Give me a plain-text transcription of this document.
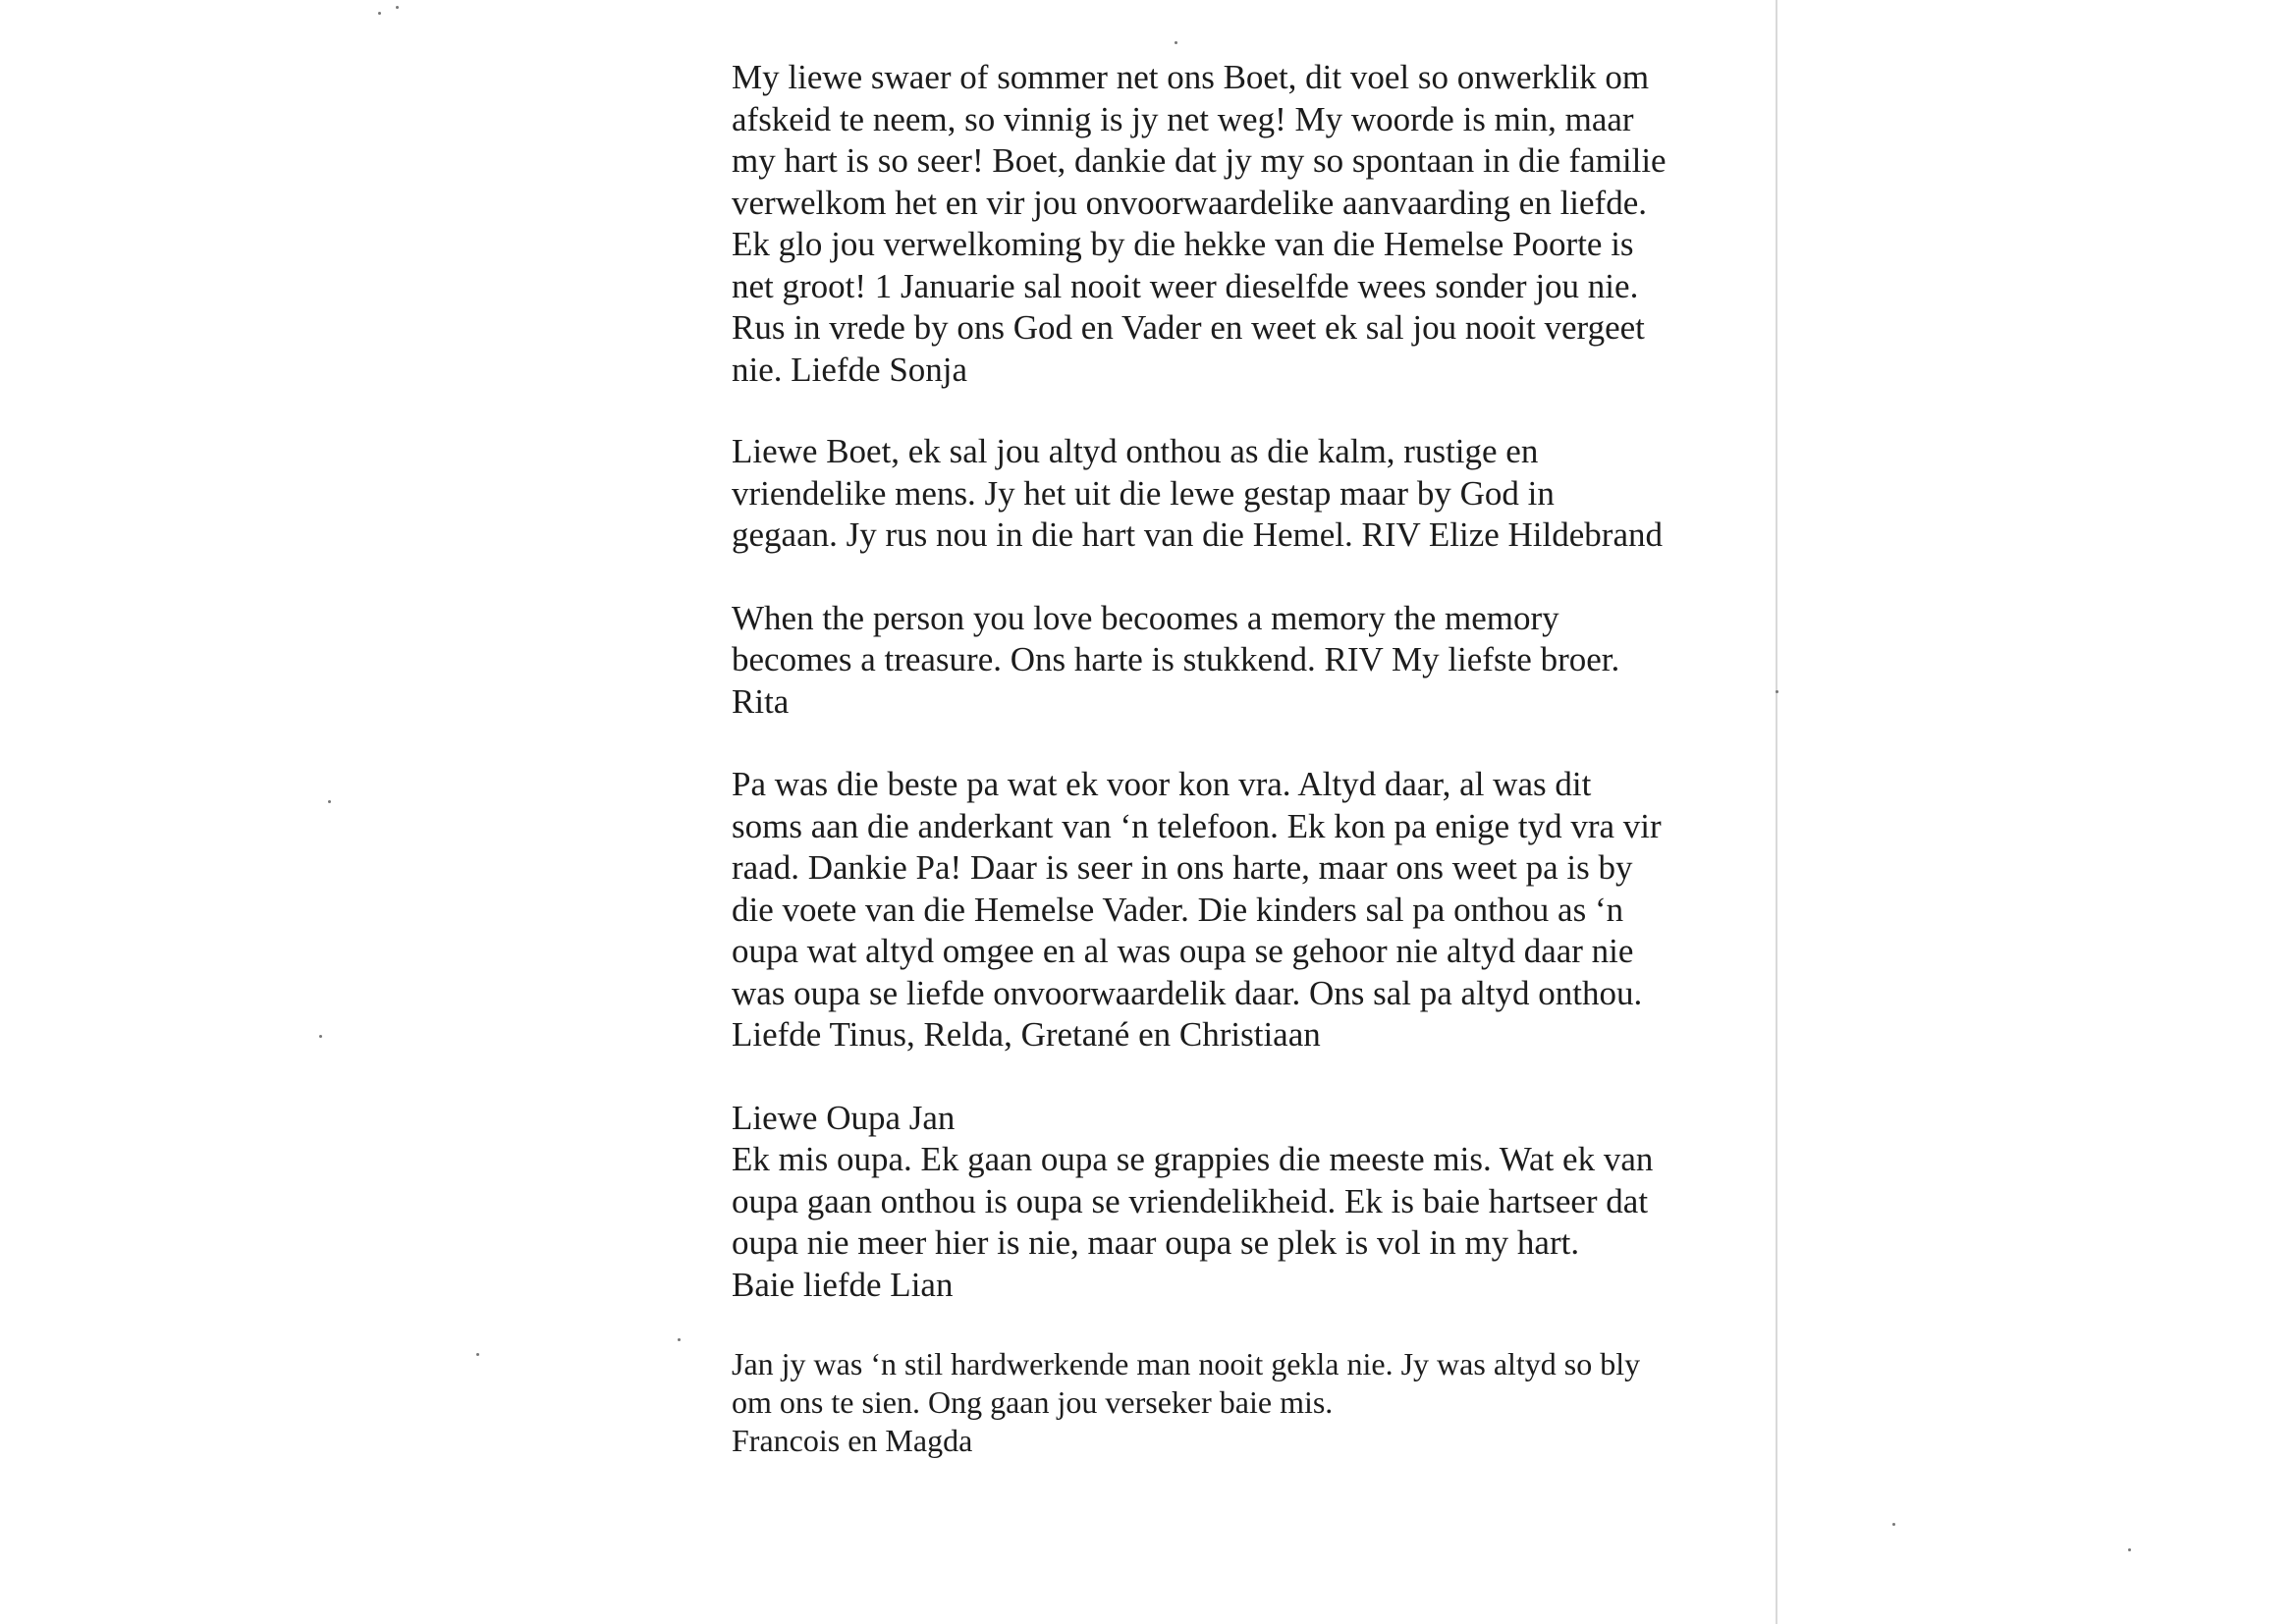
My liewe swaer of sommer net ons Boet, dit voel so onwerklik om
afskeid te neem, so vinnig is jy net weg! My woorde is min, maar
my hart is so seer! Boet, dankie dat jy my so spontaan in die familie
verwelkom het en vir jou onvoorwaardelike aanvaarding en liefde.
Ek glo jou verwelkoming by die hekke van die Hemelse Poorte is
net groot! 1 Januarie sal nooit weer dieselfde wees sonder jou nie.
Rus in vrede by ons God en Vader en weet ek sal jou nooit vergeet
nie. Liefde Sonja

Liewe Boet, ek sal jou altyd onthou as die kalm, rustige en
vriendelike mens. Jy het uit die lewe gestap maar by God in
gegaan. Jy rus nou in die hart van die Hemel. RIV Elize Hildebrand

When the person you love becoomes a memory the memory
becomes a treasure. Ons harte is stukkend. RIV My liefste broer.
Rita

Pa was die beste pa wat ek voor kon vra. Altyd daar, al was dit
soms aan die anderkant van ‘n telefoon. Ek kon pa enige tyd vra vir
raad. Dankie Pa! Daar is seer in ons harte, maar ons weet pa is by
die voete van die Hemelse Vader. Die kinders sal pa onthou as ‘n
oupa wat altyd omgee en al was oupa se gehoor nie altyd daar nie
was oupa se liefde onvoorwaardelik daar. Ons sal pa altyd onthou.
Liefde Tinus, Relda, Gretané en Christiaan

Liewe Oupa Jan
Ek mis oupa. Ek gaan oupa se grappies die meeste mis. Wat ek van
oupa gaan onthou is oupa se vriendelikheid. Ek is baie hartseer dat
oupa nie meer hier is nie, maar oupa se plek is vol in my hart.
Baie liefde Lian

Jan jy was ‘n stil hardwerkende man nooit gekla nie. Jy was altyd so bly
om ons te sien. Ong gaan jou verseker baie mis.
Francois en Magda
